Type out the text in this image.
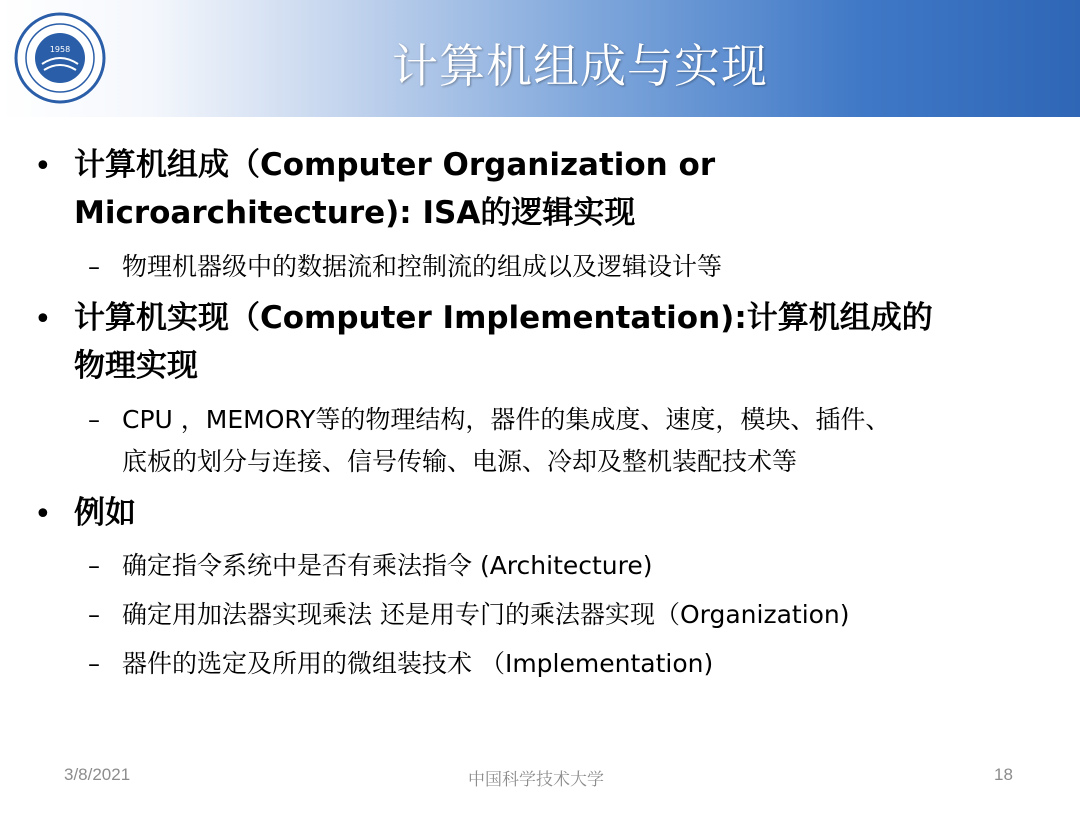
1958	计算机组成与实现
• 计算机组成（Computer Organization or
Microarchitecture): ISA的逻辑实现
– 物理机器级中的数据流和控制流的组成以及逻辑设计等
• 计算机实现（Computer Implementation):计算机组成的
物理实现
– CPU ，MEMORY等的物理结构，器件的集成度、速度，模块、插件、
底板的划分与连接、信号传输、电源、冷却及整机装配技术等
• 例如
– 确定指令系统中是否有乘法指令 (Architecture)
– 确定用加法器实现乘法 还是用专门的乘法器实现（Organization)
– 器件的选定及所用的微组装技术 （Implementation)
3/8/2021	中国科学技术大学	18
